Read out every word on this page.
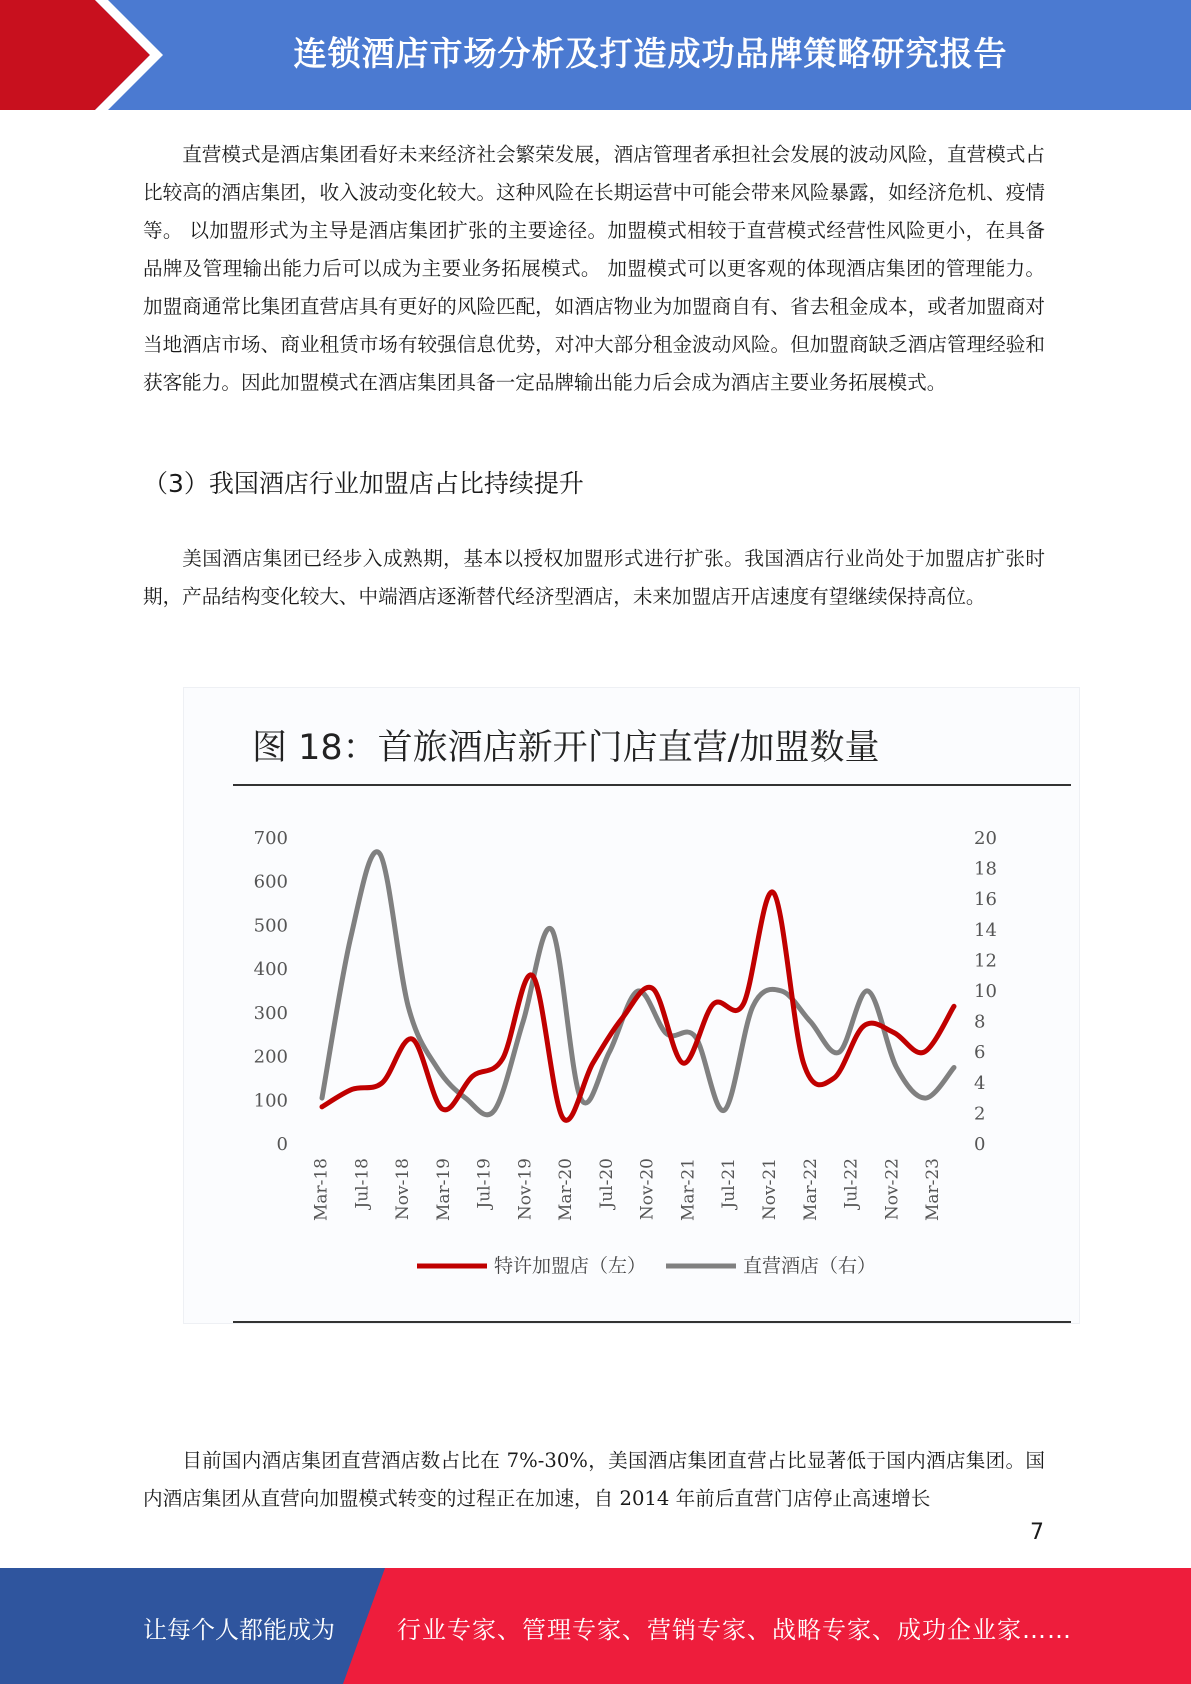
连锁酒店市场分析及打造成功品牌策略研究报告

直营模式是酒店集团看好未来经济社会繁荣发展，酒店管理者承担社会发展的波动风险，直营模式占比较高的酒店集团，收入波动变化较大。这种风险在长期运营中可能会带来风险暴露，如经济危机、疫情等。 以加盟形式为主导是酒店集团扩张的主要途径。加盟模式相较于直营模式经营性风险更小，在具备品牌及管理输出能力后可以成为主要业务拓展模式。 加盟模式可以更客观的体现酒店集团的管理能力。加盟商通常比集团直营店具有更好的风险匹配，如酒店物业为加盟商自有、省去租金成本，或者加盟商对当地酒店市场、商业租赁市场有较强信息优势，对冲大部分租金波动风险。但加盟商缺乏酒店管理经验和获客能力。因此加盟模式在酒店集团具备一定品牌输出能力后会成为酒店主要业务拓展模式。

（3）我国酒店行业加盟店占比持续提升

美国酒店集团已经步入成熟期，基本以授权加盟形式进行扩张。我国酒店行业尚处于加盟店扩张时期，产品结构变化较大、中端酒店逐渐替代经济型酒店，未来加盟店开店速度有望继续保持高位。

图 18：首旅酒店新开门店直营/加盟数量
0
100
200
300
400
500
600
700
0
2
4
6
8
10
12
14
16
18
20
Mar-18 Jul-18 Nov-18 Mar-19 Jul-19 Nov-19 Mar-20 Jul-20 Nov-20 Mar-21 Jul-21 Nov-21 Mar-22 Jul-22 Nov-22 Mar-23
特许加盟店（左）	直营酒店（右）

目前国内酒店集团直营酒店数占比在 7%-30%，美国酒店集团直营占比显著低于国内酒店集团。国内酒店集团从直营向加盟模式转变的过程正在加速，自 2014 年前后直营门店停止高速增长

7
让每个人都能成为	行业专家、管理专家、营销专家、战略专家、成功企业家……
